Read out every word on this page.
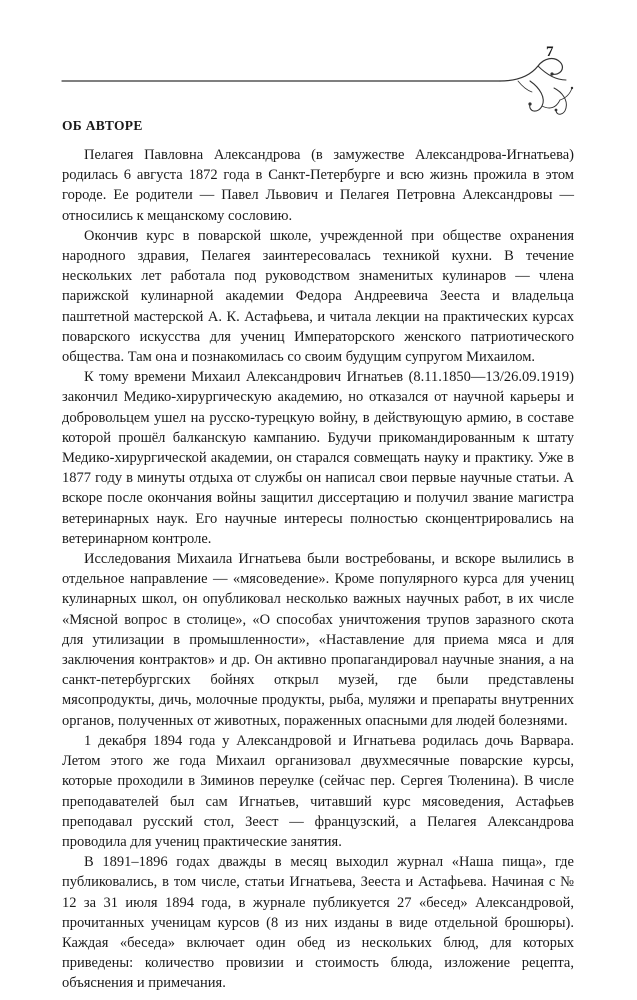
7
ОБ АВТОРЕ

Пелагея Павловна Александрова (в замужестве Александрова-Игнатьева) родилась 6 августа 1872 года в Санкт-Петербурге и всю жизнь прожила в этом городе. Ее родители — Павел Львович и Пелагея Петровна Александровы — относились к мещанскому сословию.

Окончив курс в поварской школе, учрежденной при обществе охранения народного здравия, Пелагея заинтересовалась техникой кухни. В течение нескольких лет работала под руководством знаменитых кулинаров — члена парижской кулинарной академии Федора Андреевича Зееста и владельца паштетной мастерской А. К. Астафьева, и читала лекции на практических курсах поварского искусства для учениц Императорского женского патриотического общества. Там она и познакомилась со своим будущим супругом Михаилом.

К тому времени Михаил Александрович Игнатьев (8.11.1850—13/26.09.1919) закончил Медико-хирургическую академию, но отказался от научной карьеры и добровольцем ушел на русско-турецкую войну, в действующую армию, в составе которой прошёл балканскую кампанию. Будучи прикомандированным к штату Медико-хирургической академии, он старался совмещать науку и практику. Уже в 1877 году в минуты отдыха от службы он написал свои первые научные статьи. А вскоре после окончания войны защитил диссертацию и получил звание магистра ветеринарных наук. Его научные интересы полностью сконцентрировались на ветеринарном контроле.

Исследования Михаила Игнатьева были востребованы, и вскоре вылились в отдельное направление — «мясоведение». Кроме популярного курса для учениц кулинарных школ, он опубликовал несколько важных научных работ, в их числе «Мясной вопрос в столице», «О способах уничтожения трупов заразного скота для утилизации в промышленности», «Наставление для приема мяса и для заключения контрактов» и др. Он активно пропагандировал научные знания, а на санкт-петербургских бойнях открыл музей, где были представлены мясопродукты, дичь, молочные продукты, рыба, муляжи и препараты внутренних органов, полученных от животных, пораженных опасными для людей болезнями.

1 декабря 1894 года у Александровой и Игнатьева родилась дочь Варвара. Летом этого же года Михаил организовал двухмесячные поварские курсы, которые проходили в Зиминов переулке (сейчас пер. Сергея Тюленина). В числе преподавателей был сам Игнатьев, читавший курс мясоведения, Астафьев преподавал русский стол, Зеест — французский, а Пелагея Александрова проводила для учениц практические занятия.

В 1891–1896 годах дважды в месяц выходил журнал «Наша пища», где публиковались, в том числе, статьи Игнатьева, Зееста и Астафьева. Начиная с № 12 за 31 июля 1894 года, в журнале публикуется 27 «бесед» Александровой, прочитанных ученицам курсов (8 из них изданы в виде отдельной брошюры). Каждая «беседа» включает один обед из нескольких блюд, для которых приведены: количество провизии и стоимость блюда, изложение рецепта, объяснения и примечания.
